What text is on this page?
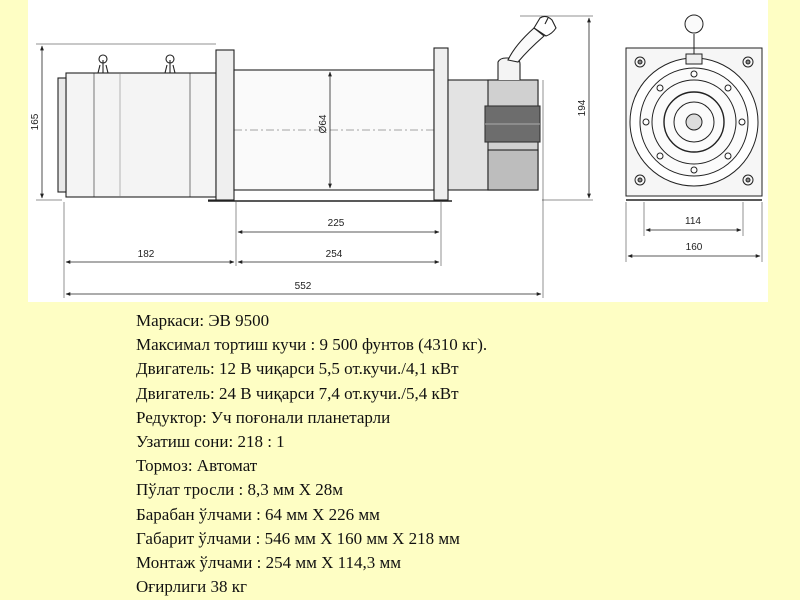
165	Ø64
225
182	254
552
194
114
160
Маркаси: ЭВ 9500
Максимал тортиш кучи : 9 500 фунтов (4310 кг).
Двигатель: 12 В чиқарси 5,5 от.кучи./4,1 кВт
Двигатель: 24 В чиқарси 7,4 от.кучи./5,4 кВт
Редуктор: Уч поғонали планетарли
Узатиш сони: 218 : 1
Тормоз: Автомат
Пўлат тросли : 8,3 мм Х 28м
Барабан ўлчами : 64 мм Х 226 мм
Габарит ўлчами : 546 мм Х 160 мм Х 218 мм
Монтаж ўлчами : 254 мм Х 114,3 мм
Оғирлиги 38 кг
